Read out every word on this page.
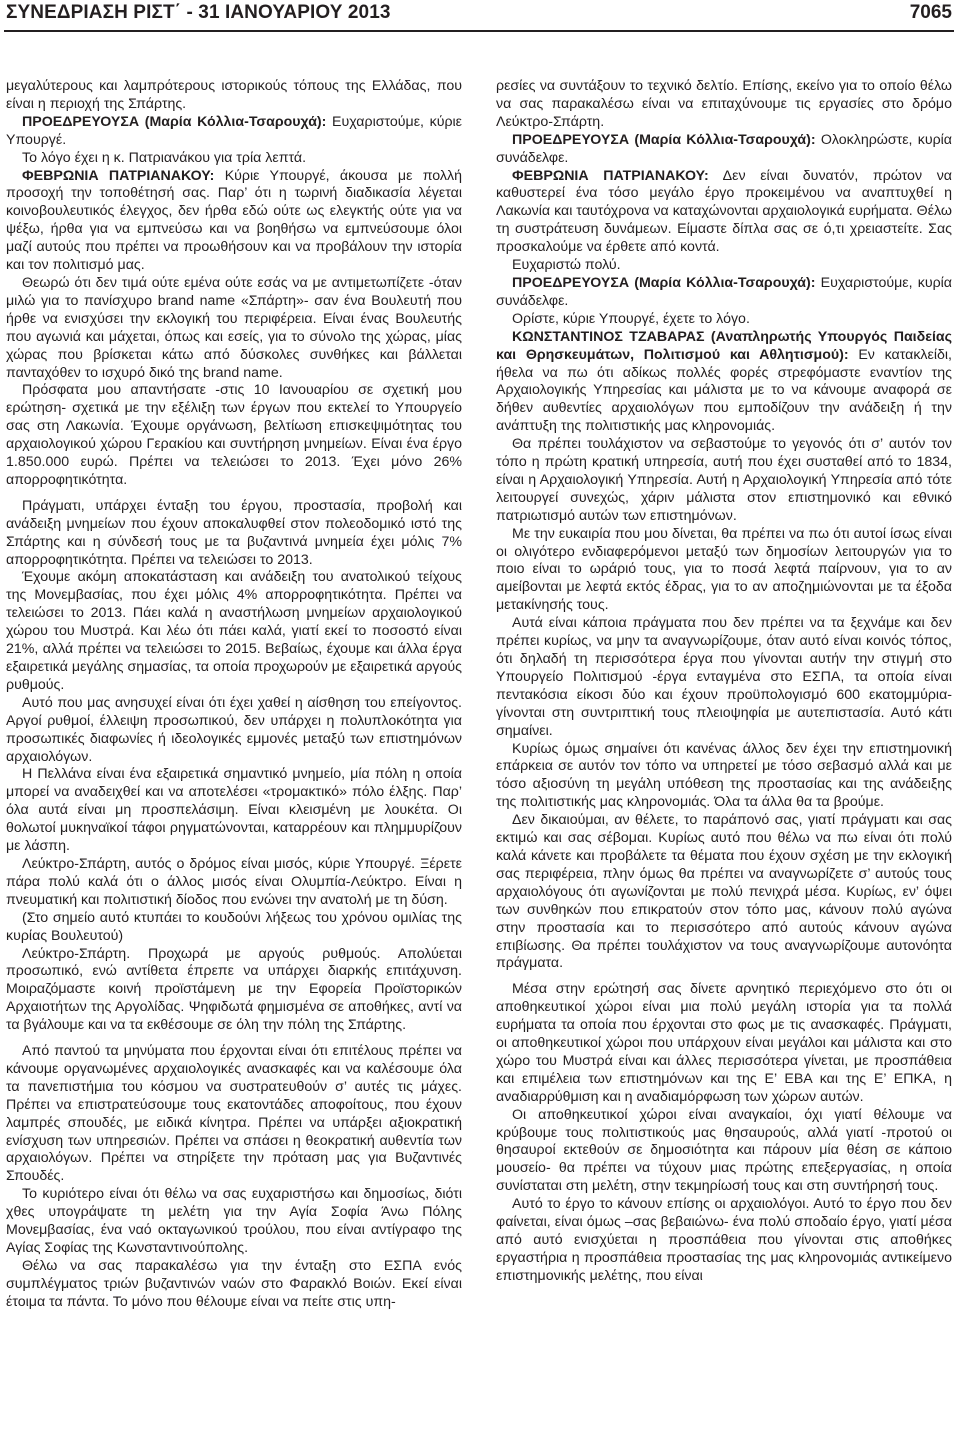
ΣΥΝΕΔΡΙΑΣΗ ΡΙΣΤ΄ - 31 ΙΑΝΟΥΑΡΙΟΥ 2013	7065

μεγαλύτερους και λαμπρότερους ιστορικούς τόπους της Ελλάδας, που είναι η περιοχή της Σπάρτης.

ΠΡΟΕΔΡΕΥΟΥΣΑ (Μαρία Κόλλια-Τσαρουχά): Ευχαριστούμε, κύριε Υπουργέ.

Το λόγο έχει η κ. Πατριανάκου για τρία λεπτά.

ΦΕΒΡΩΝΙΑ ΠΑΤΡΙΑΝΑΚΟΥ: Κύριε Υπουργέ, άκουσα με πολλή προσοχή την τοποθέτησή σας. Παρ’ ότι η τωρινή διαδικασία λέγεται κοινοβουλευτικός έλεγχος, δεν ήρθα εδώ ούτε ως ελεγκτής ούτε για να ψέξω, ήρθα για να εμπνεύσω και να βοηθήσω να εμπνεύσουμε όλοι μαζί αυτούς που πρέπει να προωθήσουν και να προβάλουν την ιστορία και τον πολιτισμό μας.

Θεωρώ ότι δεν τιμά ούτε εμένα ούτε εσάς να με αντιμετωπίζετε -όταν μιλώ για το πανίσχυρο brand name «Σπάρτη»- σαν ένα Βουλευτή που ήρθε να ενισχύσει την εκλογική του περιφέρεια. Είναι ένας Βουλευτής που αγωνιά και μάχεται, όπως και εσείς, για το σύνολο της χώρας, μίας χώρας που βρίσκεται κάτω από δύσκολες συνθήκες και βάλλεται πανταχόθεν το ισχυρό δικό της brand name.

Πρόσφατα μου απαντήσατε -στις 10 Ιανουαρίου σε σχετική μου ερώτηση- σχετικά με την εξέλιξη των έργων που εκτελεί το Υπουργείο σας στη Λακωνία. Έχουμε οργάνωση, βελτίωση επισκεψιμότητας του αρχαιολογικού χώρου Γερακίου και συντήρηση μνημείων. Είναι ένα έργο 1.850.000 ευρώ. Πρέπει να τελειώσει το 2013. Έχει μόνο 26% απορροφητικότητα.

Πράγματι, υπάρχει ένταξη του έργου, προστασία, προβολή και ανάδειξη μνημείων που έχουν αποκαλυφθεί στον πολεοδομικό ιστό της Σπάρτης και η σύνδεσή τους με τα βυζαντινά μνημεία έχει μόλις 7% απορροφητικότητα. Πρέπει να τελειώσει το 2013.

Έχουμε ακόμη αποκατάσταση και ανάδειξη του ανατολικού τείχους της Μονεμβασίας, που έχει μόλις 4% απορροφητικότητα. Πρέπει να τελειώσει το 2013. Πάει καλά η αναστήλωση μνημείων αρχαιολογικού χώρου του Μυστρά. Και λέω ότι πάει καλά, γιατί εκεί το ποσοστό είναι 21%, αλλά πρέπει να τελειώσει το 2015. Βεβαίως, έχουμε και άλλα έργα εξαιρετικά μεγάλης σημασίας, τα οποία προχωρούν με εξαιρετικά αργούς ρυθμούς.

Αυτό που μας ανησυχεί είναι ότι έχει χαθεί η αίσθηση του επείγοντος. Αργοί ρυθμοί, έλλειψη προσωπικού, δεν υπάρχει η πολυπλοκότητα για προσωπικές διαφωνίες ή ιδεολογικές εμμονές μεταξύ των επιστημόνων αρχαιολόγων.

Η Πελλάνα είναι ένα εξαιρετικά σημαντικό μνημείο, μία πόλη η οποία μπορεί να αναδειχθεί και να αποτελέσει «τρομακτικό» πόλο έλξης. Παρ’ όλα αυτά είναι μη προσπελάσιμη. Είναι κλεισμένη με λουκέτα. Οι θολωτοί μυκηναϊκοί τάφοι ρηγματώνονται, καταρρέουν και πλημμυρίζουν με λάσπη.

Λεύκτρο-Σπάρτη, αυτός ο δρόμος είναι μισός, κύριε Υπουργέ. Ξέρετε πάρα πολύ καλά ότι ο άλλος μισός είναι Ολυμπία-Λεύκτρο. Είναι η πνευματική και πολιτιστική δίοδος που ενώνει την ανατολή με τη δύση.

(Στο σημείο αυτό κτυπάει το κουδούνι λήξεως του χρόνου ομιλίας της κυρίας Βουλευτού)

Λεύκτρο-Σπάρτη. Προχωρά με αργούς ρυθμούς. Απολύεται προσωπικό, ενώ αντίθετα έπρεπε να υπάρχει διαρκής επιτάχυνση. Μοιραζόμαστε κοινή προϊστάμενη με την Εφορεία Προϊστορικών Αρχαιοτήτων της Αργολίδας. Ψηφιδωτά φημισμένα σε αποθήκες, αντί να τα βγάλουμε και να τα εκθέσουμε σε όλη την πόλη της Σπάρτης.

Από παντού τα μηνύματα που έρχονται είναι ότι επιτέλους πρέπει να κάνουμε οργανωμένες αρχαιολογικές ανασκαφές και να καλέσουμε όλα τα πανεπιστήμια του κόσμου να συστρατευθούν σ’ αυτές τις μάχες. Πρέπει να επιστρατεύσουμε τους εκατοντάδες αποφοίτους, που έχουν λαμπρές σπουδές, με ειδικά κίνητρα. Πρέπει να υπάρξει αξιοκρατική ενίσχυση των υπηρεσιών. Πρέπει να σπάσει η θεοκρατική αυθεντία των αρχαιολόγων. Πρέπει να στηρίξετε την πρόταση μας για Βυζαντινές Σπουδές.

Το κυριότερο είναι ότι θέλω να σας ευχαριστήσω και δημοσίως, διότι χθες υπογράψατε τη μελέτη για την Αγία Σοφία Άνω Πόλης Μονεμβασίας, ένα ναό οκταγωνικού τρούλου, που είναι αντίγραφο της Αγίας Σοφίας της Κωνσταντινούπολης.

Θέλω να σας παρακαλέσω για την ένταξη στο ΕΣΠΑ ενός συμπλέγματος τριών βυζαντινών ναών στο Φαρακλό Βοιών. Εκεί είναι έτοιμα τα πάντα. Το μόνο που θέλουμε είναι να πείτε στις υπη-

ρεσίες να συντάξουν το τεχνικό δελτίο. Επίσης, εκείνο για το οποίο θέλω να σας παρακαλέσω είναι να επιταχύνουμε τις εργασίες στο δρόμο Λεύκτρο-Σπάρτη.

ΠΡΟΕΔΡΕΥΟΥΣΑ (Μαρία Κόλλια-Τσαρουχά): Ολοκληρώστε, κυρία συνάδελφε.

ΦΕΒΡΩΝΙΑ ΠΑΤΡΙΑΝΑΚΟΥ: Δεν είναι δυνατόν, πρώτον να καθυστερεί ένα τόσο μεγάλο έργο προκειμένου να αναπτυχθεί η Λακωνία και ταυτόχρονα να καταχώνονται αρχαιολογικά ευρήματα. Θέλω τη συστράτευση δυνάμεων. Είμαστε δίπλα σας σε ό,τι χρειαστείτε. Σας προσκαλούμε να έρθετε από κοντά.

Ευχαριστώ πολύ.

ΠΡΟΕΔΡΕΥΟΥΣΑ (Μαρία Κόλλια-Τσαρουχά): Ευχαριστούμε, κυρία συνάδελφε.

Ορίστε, κύριε Υπουργέ, έχετε το λόγο.

ΚΩΝΣΤΑΝΤΙΝΟΣ ΤΖΑΒΑΡΑΣ (Αναπληρωτής Υπουργός Παιδείας και Θρησκευμάτων, Πολιτισμού και Αθλητισμού): Εν κατακλείδι, ήθελα να πω ότι αδίκως πολλές φορές στρεφόμαστε εναντίον της Αρχαιολογικής Υπηρεσίας και μάλιστα με το να κάνουμε αναφορά σε δήθεν αυθεντίες αρχαιολόγων που εμποδίζουν την ανάδειξη ή την ανάπτυξη της πολιτιστικής μας κληρονομιάς.

Θα πρέπει τουλάχιστον να σεβαστούμε το γεγονός ότι σ’ αυτόν τον τόπο η πρώτη κρατική υπηρεσία, αυτή που έχει συσταθεί από το 1834, είναι η Αρχαιολογική Υπηρεσία. Αυτή η Αρχαιολογική Υπηρεσία από τότε λειτουργεί συνεχώς, χάριν μάλιστα στον επιστημονικό και εθνικό πατριωτισμό αυτών των επιστημόνων.

Με την ευκαιρία που μου δίνεται, θα πρέπει να πω ότι αυτοί ίσως είναι οι ολιγότερο ενδιαφερόμενοι μεταξύ των δημοσίων λειτουργών για το ποιο είναι το ωράριό τους, για το ποσά λεφτά παίρνουν, για το αν αμείβονται με λεφτά εκτός έδρας, για το αν αποζημιώνονται με τα έξοδα μετακίνησής τους.

Αυτά είναι κάποια πράγματα που δεν πρέπει να τα ξεχνάμε και δεν πρέπει κυρίως, να μην τα αναγνωρίζουμε, όταν αυτό είναι κοινός τόπος, ότι δηλαδή τη περισσότερα έργα που γίνονται αυτήν την στιγμή στο Υπουργείο Πολιτισμού -έργα ενταγμένα στο ΕΣΠΑ, τα οποία είναι πεντακόσια είκοσι δύο και έχουν προϋπολογισμό 600 εκατομμύρια- γίνονται στη συντριπτική τους πλειοψηφία με αυτεπιστασία. Αυτό κάτι σημαίνει.

Κυρίως όμως σημαίνει ότι κανένας άλλος δεν έχει την επιστημονική επάρκεια σε αυτόν τον τόπο να υπηρετεί με τόσο σεβασμό αλλά και με τόσο αξιοσύνη τη μεγάλη υπόθεση της προστασίας και της ανάδειξης της πολιτιστικής μας κληρονομιάς. Όλα τα άλλα θα τα βρούμε.

Δεν δικαιούμαι, αν θέλετε, το παράπονό σας, γιατί πράγματι και σας εκτιμώ και σας σέβομαι. Κυρίως αυτό που θέλω να πω είναι ότι πολύ καλά κάνετε και προβάλετε τα θέματα που έχουν σχέση με την εκλογική σας περιφέρεια, πλην όμως θα πρέπει να αναγνωρίζετε σ’ αυτούς τους αρχαιολόγους ότι αγωνίζονται με πολύ πενιχρά μέσα. Κυρίως, εν’ όψει των συνθηκών που επικρατούν στον τόπο μας, κάνουν πολύ αγώνα στην προστασία και το περισσότερο από αυτούς κάνουν αγώνα επιβίωσης. Θα πρέπει τουλάχιστον να τους αναγνωρίζουμε αυτονόητα πράγματα.

Μέσα στην ερώτησή σας δίνετε αρνητικό περιεχόμενο στο ότι οι αποθηκευτικοί χώροι είναι μια πολύ μεγάλη ιστορία για τα πολλά ευρήματα τα οποία που έρχονται στο φως με τις ανασκαφές. Πράγματι, οι αποθηκευτικοί χώροι που υπάρχουν είναι μεγάλοι και μάλιστα και στο χώρο του Μυστρά είναι και άλλες περισσότερα γίνεται, με προσπάθεια και επιμέλεια των επιστημόνων και της Ε’ ΕΒΑ και της Ε’ ΕΠΚΑ, η αναδιαρρύθμιση και η αναδιαμόρφωση των χώρων αυτών.

Οι αποθηκευτικοί χώροι είναι αναγκαίοι, όχι γιατί θέλουμε να κρύβουμε τους πολιτιστικούς μας θησαυρούς, αλλά γιατί -προτού οι θησαυροί εκτεθούν σε δημοσιότητα και πάρουν μία θέση σε κάποιο μουσείο- θα πρέπει να τύχουν μιας πρώτης επεξεργασίας, η οποία συνίσταται στη μελέτη, στην τεκμηρίωσή τους και στη συντήρησή τους.

Αυτό το έργο το κάνουν επίσης οι αρχαιολόγοι. Αυτό το έργο που δεν φαίνεται, είναι όμως –σας βεβαιώνω- ένα πολύ σποδαίο έργο, γιατί μέσα από αυτό ενισχύεται η προσπάθεια που γίνονται στις αποθήκες εργαστήρια η προσπάθεια προστασίας της μας κληρονομιάς αντικείμενο επιστημονικής μελέτης, που είναι
